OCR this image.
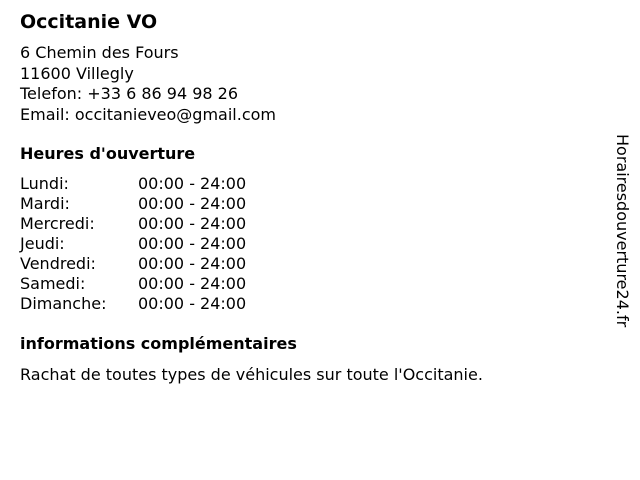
Occitanie VO
6 Chemin des Fours
11600 Villegly
Telefon: +33 6 86 94 98 26
Email: occitanieveo@gmail.com
Heures d'ouverture
Lundi:	00:00 - 24:00
Mardi:	00:00 - 24:00
Mercredi:	00:00 - 24:00
Jeudi:	00:00 - 24:00
Vendredi:	00:00 - 24:00
Samedi:	00:00 - 24:00
Dimanche:	00:00 - 24:00
informations complémentaires
Rachat de toutes types de véhicules sur toute l'Occitanie.
Horairesdouverture24.fr
